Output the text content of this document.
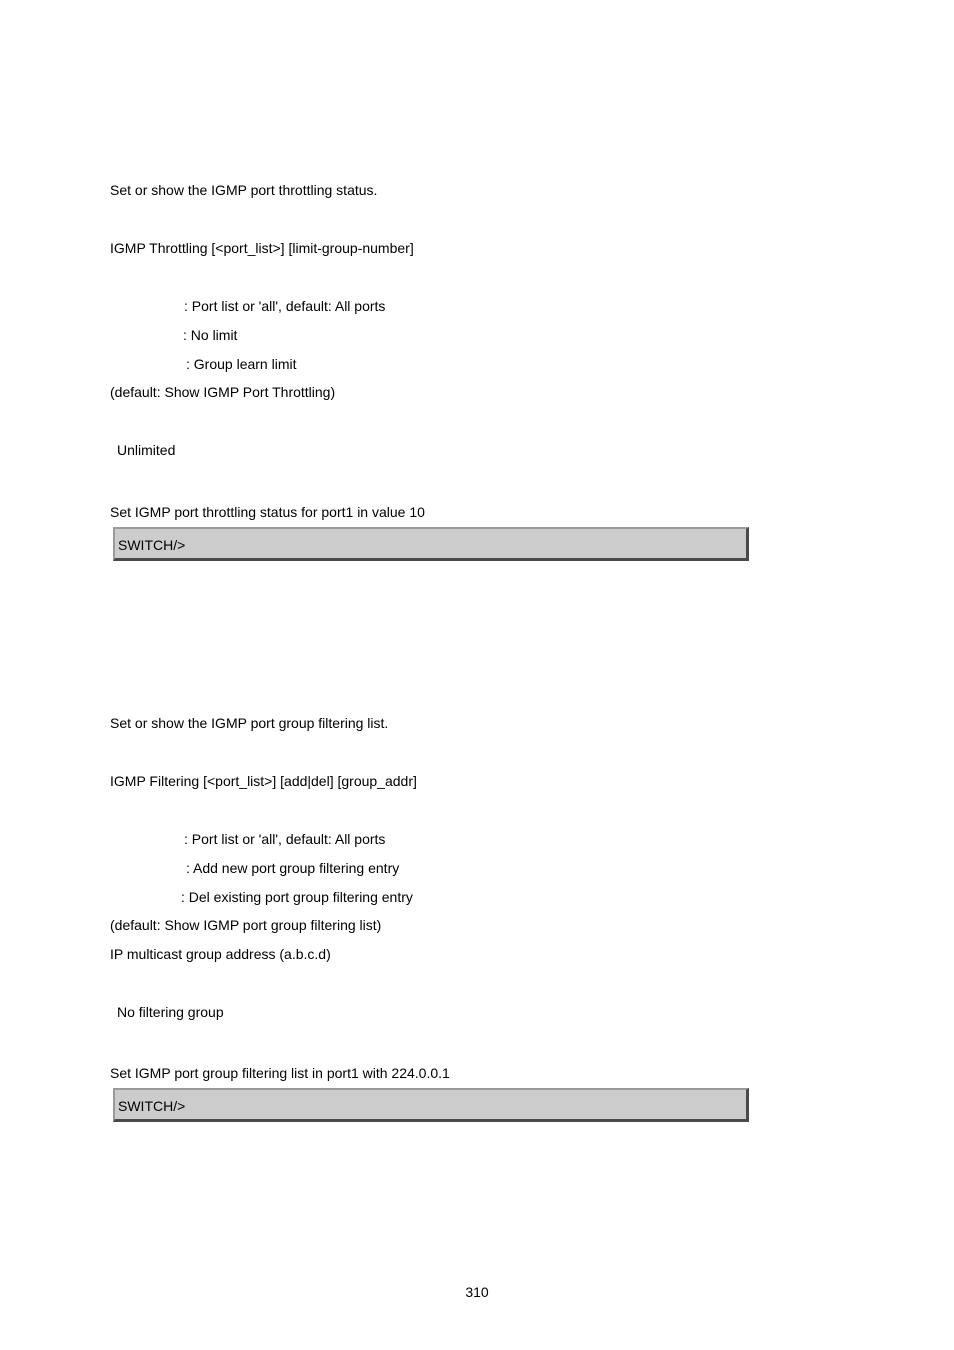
Set or show the IGMP port throttling status.
IGMP Throttling [<port_list>] [limit-group-number]
: Port list or 'all', default: All ports
: No limit
: Group learn limit
(default: Show IGMP Port Throttling)
Unlimited
Set IGMP port throttling status for port1 in value 10
SWITCH/>
Set or show the IGMP port group filtering list.
IGMP Filtering [<port_list>] [add|del] [group_addr]
: Port list or 'all', default: All ports
: Add new port group filtering entry
: Del existing port group filtering entry
(default: Show IGMP port group filtering list)
IP multicast group address (a.b.c.d)
No filtering group
Set IGMP port group filtering list in port1 with 224.0.0.1
SWITCH/>
310
